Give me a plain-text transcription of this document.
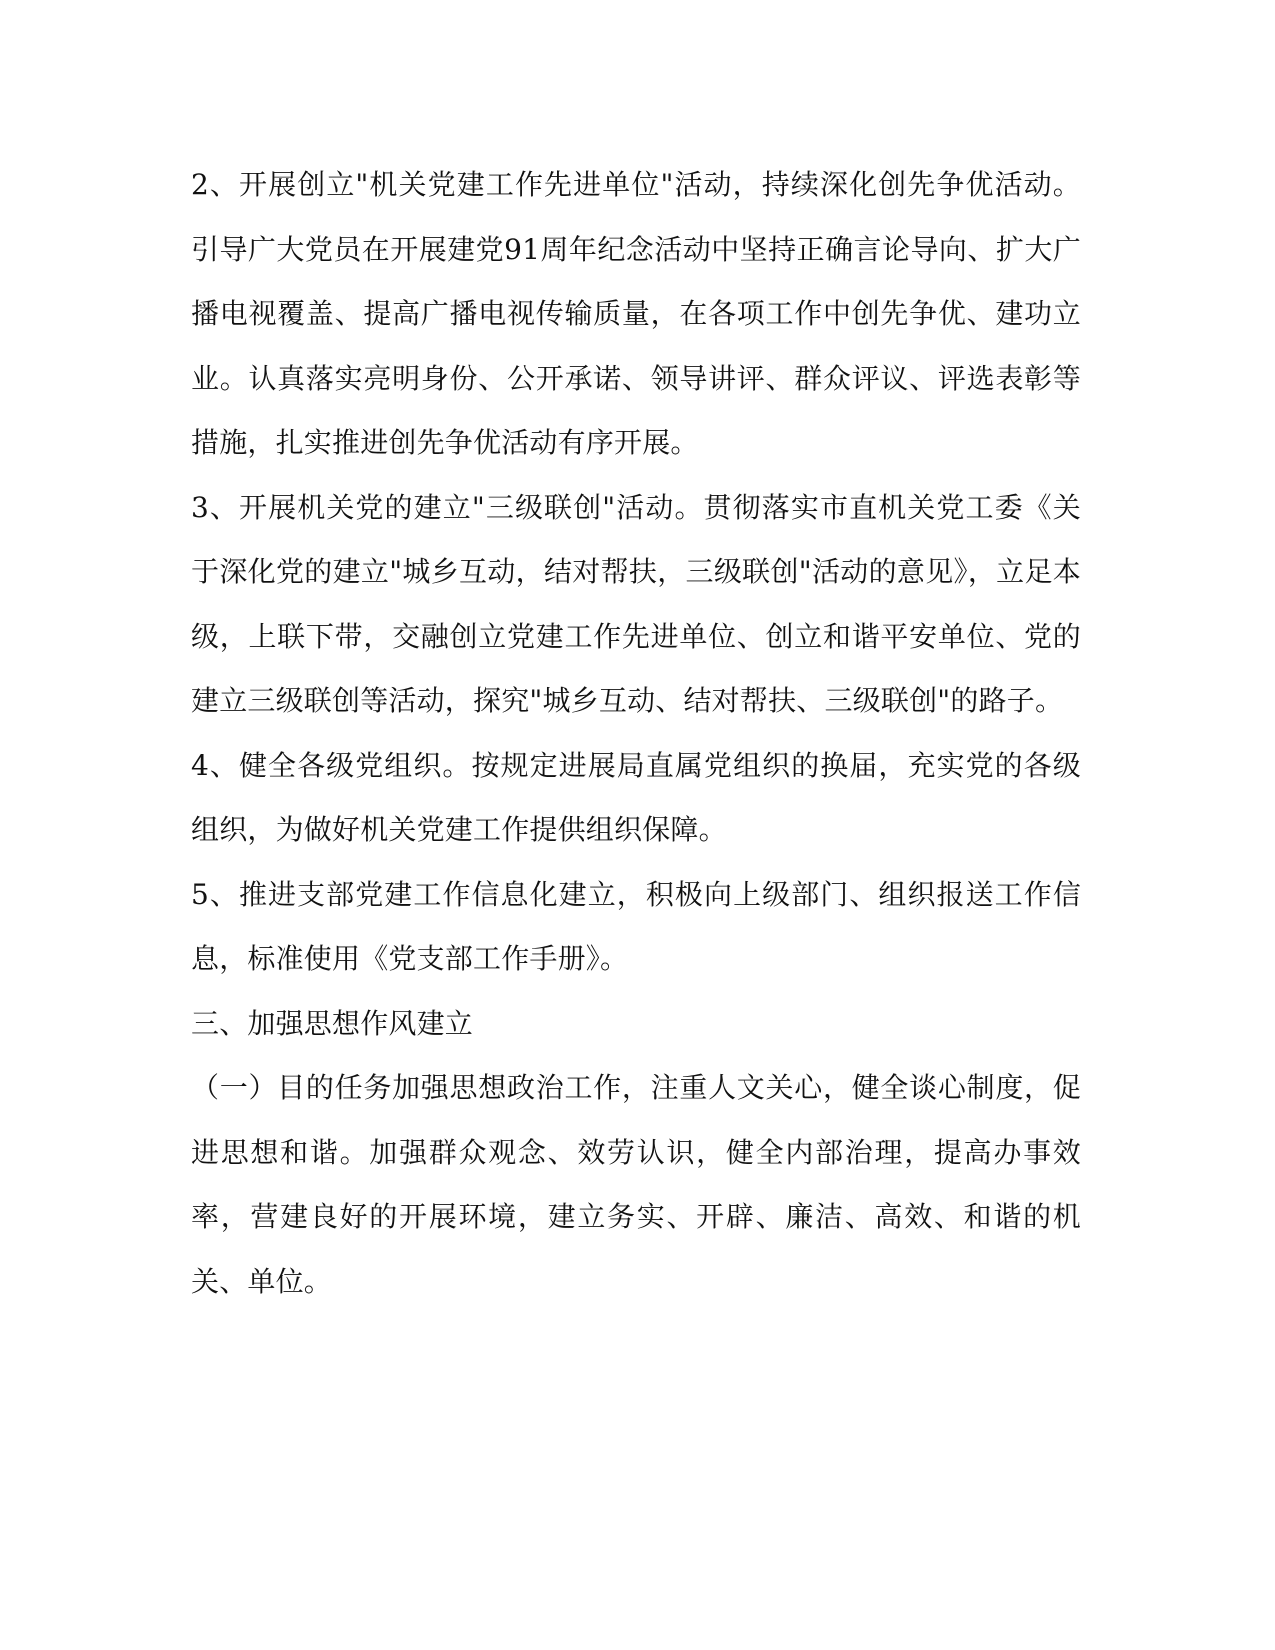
2、开展创立"机关党建工作先进单位"活动，持续深化创先争优活动。引导广大党员在开展建党91周年纪念活动中坚持正确言论导向、扩大广播电视覆盖、提高广播电视传输质量，在各项工作中创先争优、建功立业。认真落实亮明身份、公开承诺、领导讲评、群众评议、评选表彰等措施，扎实推进创先争优活动有序开展。

3、开展机关党的建立"三级联创"活动。贯彻落实市直机关党工委《关于深化党的建立"城乡互动，结对帮扶，三级联创"活动的意见》，立足本级，上联下带，交融创立党建工作先进单位、创立和谐平安单位、党的建立三级联创等活动，探究"城乡互动、结对帮扶、三级联创"的路子。

4、健全各级党组织。按规定进展局直属党组织的换届，充实党的各级组织，为做好机关党建工作提供组织保障。

5、推进支部党建工作信息化建立，积极向上级部门、组织报送工作信息，标准使用《党支部工作手册》。

三、加强思想作风建立

（一）目的任务加强思想政治工作，注重人文关心，健全谈心制度，促进思想和谐。加强群众观念、效劳认识，健全内部治理，提高办事效率，营建良好的开展环境，建立务实、开辟、廉洁、高效、和谐的机关、单位。
